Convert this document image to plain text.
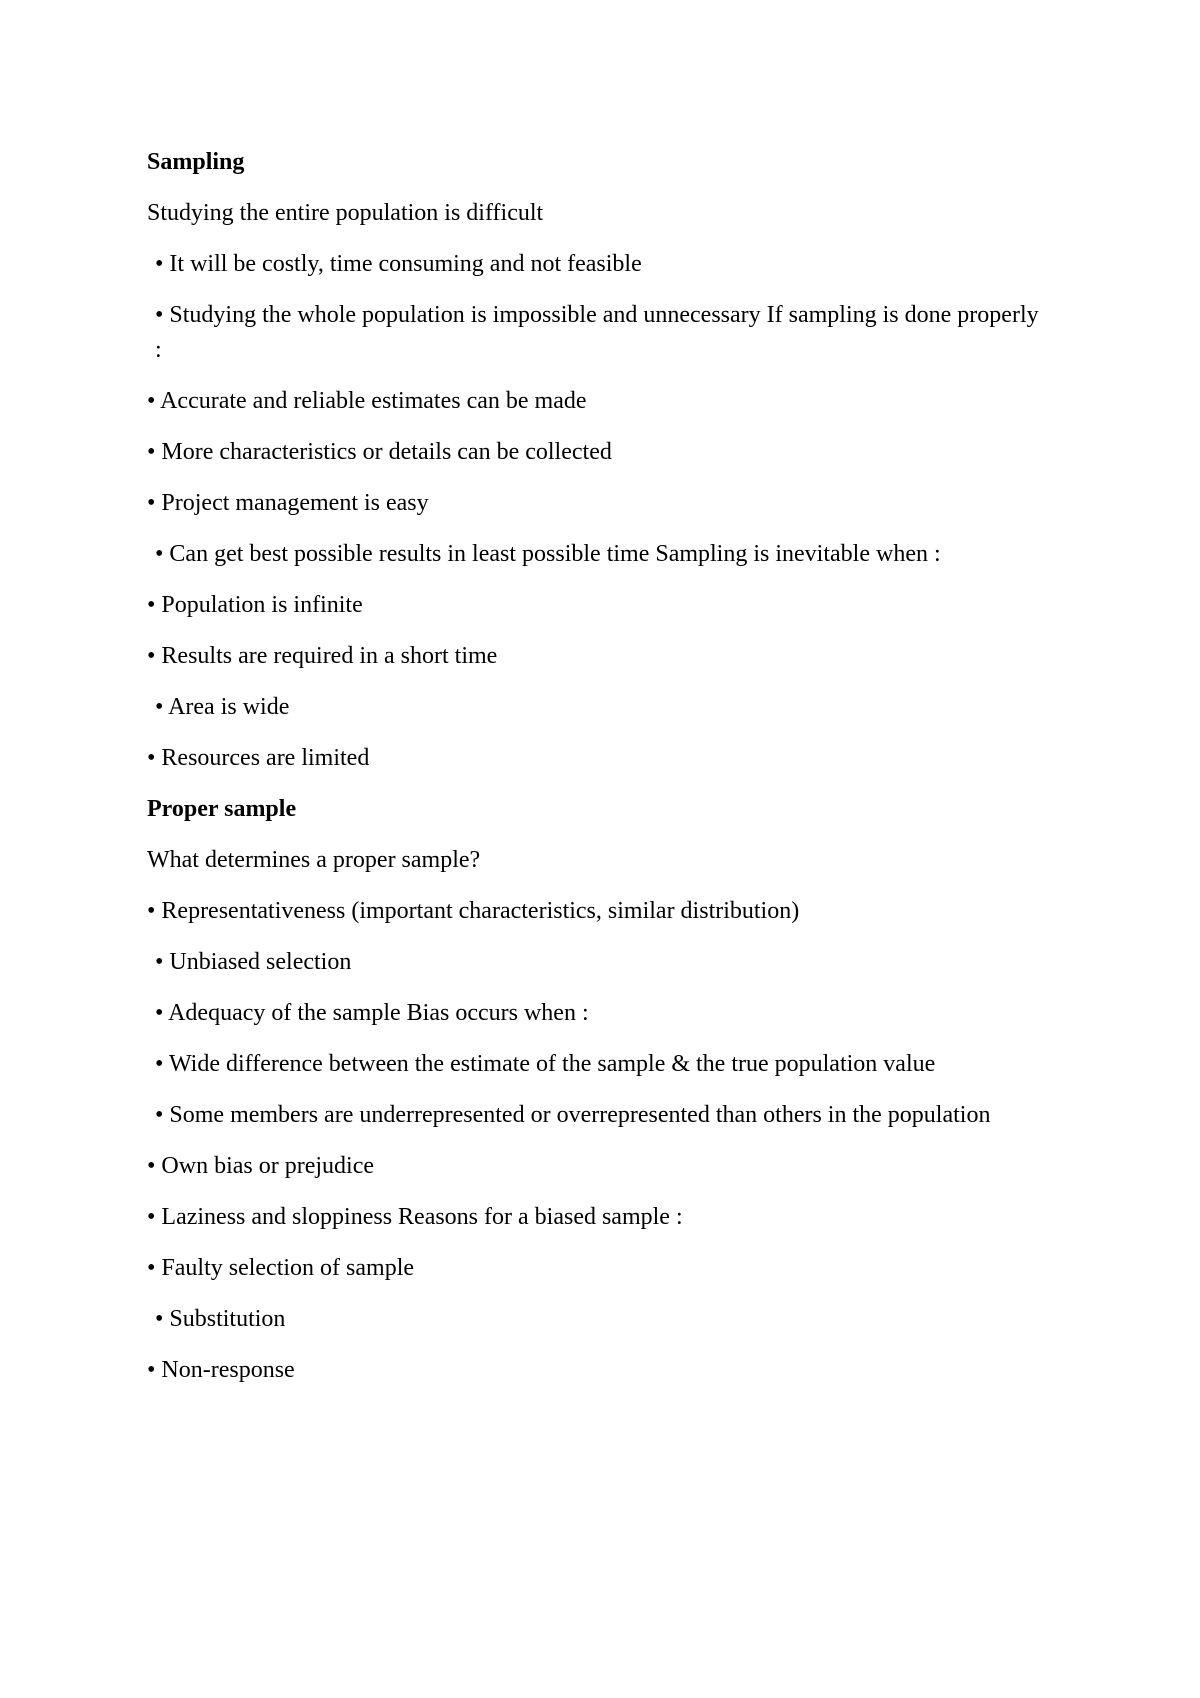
Sampling

Studying the entire population is difficult

• It will be costly, time consuming and not feasible

• Studying the whole population is impossible and unnecessary If sampling is done properly :

• Accurate and reliable estimates can be made

• More characteristics or details can be collected

• Project management is easy

• Can get best possible results in least possible time Sampling is inevitable when :

• Population is infinite

• Results are required in a short time

• Area is wide

• Resources are limited

Proper sample

What determines a proper sample?

• Representativeness (important characteristics, similar distribution)

• Unbiased selection

• Adequacy of the sample Bias occurs when :

• Wide difference between the estimate of the sample & the true population value

• Some members are underrepresented or overrepresented than others in the population

• Own bias or prejudice

• Laziness and sloppiness Reasons for a biased sample :

• Faulty selection of sample

• Substitution

• Non-response
